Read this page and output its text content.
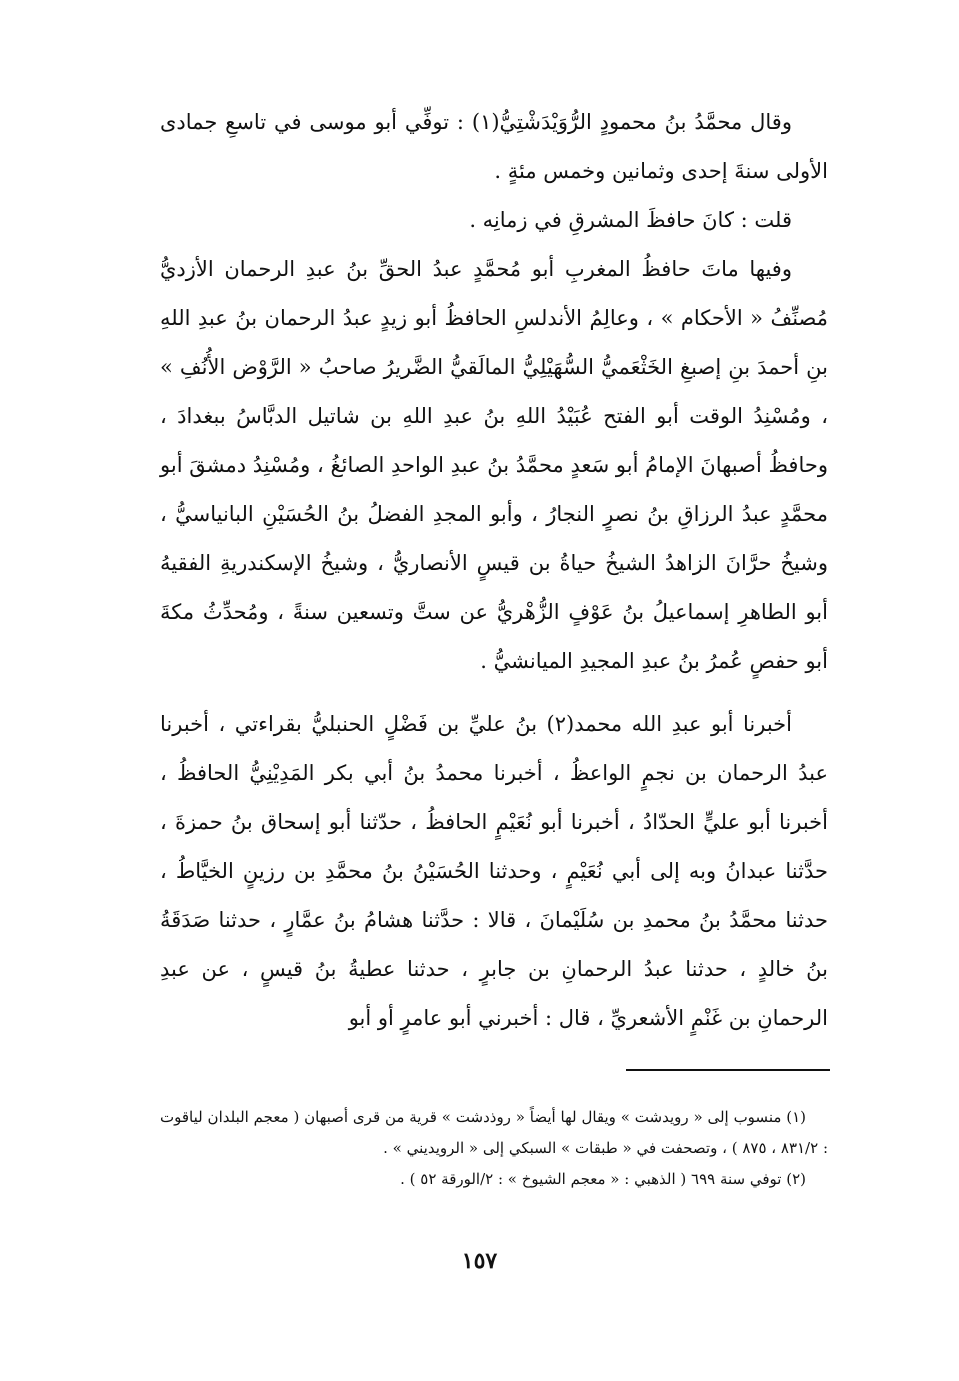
وقال محمَّدُ بنُ محمودٍ الرُّوَيْدَشْتِيُّ(١) : توفِّي أبو موسى في تاسعِ جمادى الأولى سنةَ إحدى وثمانين وخمس مئةٍ .

قلت : كانَ حافظَ المشرقِ في زمانِه .

وفيها ماتَ حافظُ المغربِ أبو مُحمَّدٍ عبدُ الحقِّ بنُ عبدِ الرحمان الأزديُّ مُصنِّفُ « الأحكام » ، وعالِمُ الأندلسِ الحافظُ أبو زيدٍ عبدُ الرحمان بنُ عبدِ اللهِ بنِ أحمدَ بنِ إصبغِ الخَثْعَميُّ السُّهَيْلِيُّ المالَقيُّ الضَّريرُ صاحبُ « الرَّوْض الأُنُفِ » ، ومُسْنِدُ الوقت أبو الفتح عُبَيْدُ اللهِ بنُ عبدِ اللهِ بن شاتيل الدبَّاسُ ببغدادَ ، وحافظُ أصبهانَ الإمامُ أبو سَعدٍ محمَّدُ بنُ عبدِ الواحدِ الصائغُ ، ومُسْنِدُ دمشقَ أبو محمَّدٍ عبدُ الرزاقِ بنُ نصرٍ النجارُ ، وأبو المجدِ الفضلُ بنُ الحُسَيْنِ البانياسيُّ ، وشيخُ حرَّانَ الزاهدُ الشيخُ حياةُ بن قيسٍ الأنصاريُّ ، وشيخُ الإسكندريةِ الفقيهُ أبو الطاهرِ إسماعيلُ بنُ عَوْفٍ الزُّهْريُّ عن ستَّ وتسعين سنةً ، ومُحدِّثُ مكةَ أبو حفصٍ عُمرُ بنُ عبدِ المجيدِ الميانشيُّ .

أخبرنا أبو عبدِ الله محمد(٢) بنُ عليِّ بن فَضْلٍ الحنبليُّ بقراءتي ، أخبرنا عبدُ الرحمان بن نجمٍ الواعظُ ، أخبرنا محمدُ بنُ أبي بكر المَدِيْنِيُّ الحافظُ ، أخبرنا أبو عليٍّ الحدّادُ ، أخبرنا أبو نُعَيْمٍ الحافظُ ، حدّثنا أبو إسحاق بنُ حمزةَ ، حدَّثنا عبدانُ وبه إلى أبي نُعَيْمٍ ، وحدثنا الحُسَيْنُ بنُ محمَّدِ بن رزينٍ الخيَّاطُ ، حدثنا محمَّدُ بنُ محمدِ بن سُلَيْمانَ ، قالا : حدَّثنا هشامُ بنُ عمَّارٍ ، حدثنا صَدَقَةُ بنُ خالدٍ ، حدثنا عبدُ الرحمانِ بن جابرٍ ، حدثنا عطيةُ بنُ قيسٍ ، عن عبدِ الرحمانِ بن غَنْمٍ الأشعريِّ ، قال : أخبرني أبو عامرٍ أو أبو

(١) منسوب إلى « رويدشت » ويقال لها أيضاً « روذدشت » قرية من قرى أصبهان ( معجم البلدان لياقوت : ٨٣١/٢ ، ٨٧٥ ) ، وتصحفت في « طبقات » السبكي إلى « الرويديني » .

(٢) توفي سنة ٦٩٩ ( الذهبي : « معجم الشيوخ » : ٢/الورقة ٥٢ ) .

١٥٧
